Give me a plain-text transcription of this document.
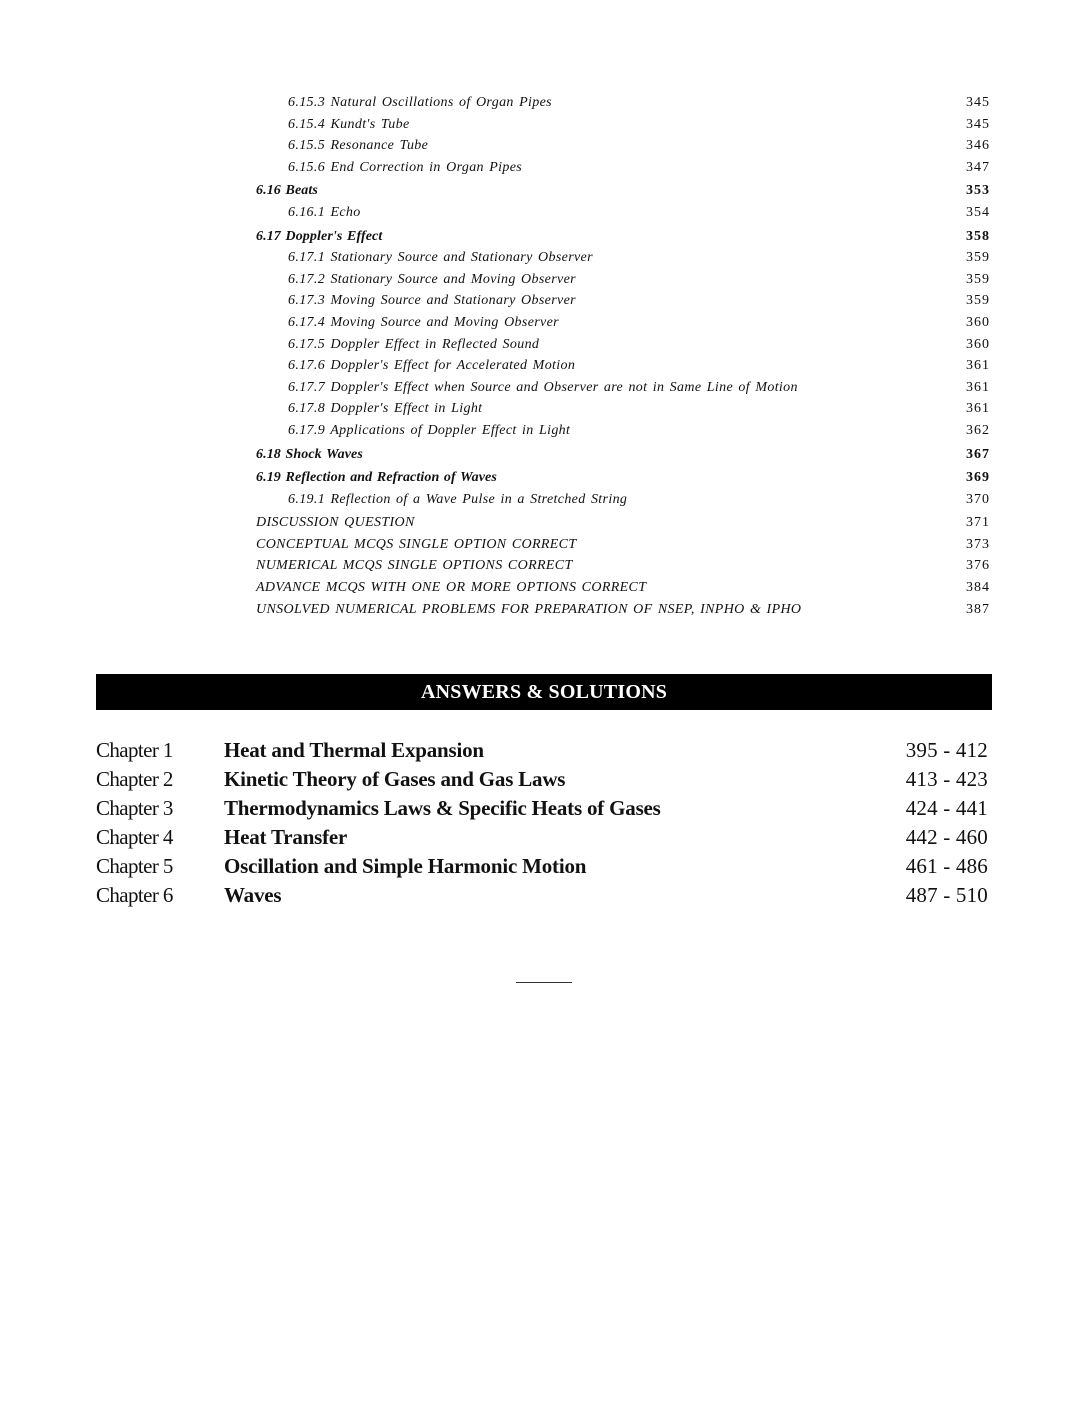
6.15.3 Natural Oscillations of Organ Pipes	345
6.15.4 Kundt's Tube	345
6.15.5 Resonance Tube	346
6.15.6 End Correction in Organ Pipes	347
6.16 Beats	353
6.16.1 Echo	354
6.17 Doppler's Effect	358
6.17.1 Stationary Source and Stationary Observer	359
6.17.2 Stationary Source and Moving Observer	359
6.17.3 Moving Source and Stationary Observer	359
6.17.4 Moving Source and Moving Observer	360
6.17.5 Doppler Effect in Reflected Sound	360
6.17.6 Doppler's Effect for Accelerated Motion	361
6.17.7 Doppler's Effect when Source and Observer are not in Same Line of Motion	361
6.17.8 Doppler's Effect in Light	361
6.17.9 Applications of Doppler Effect in Light	362
6.18 Shock Waves	367
6.19 Reflection and Refraction of Waves	369
6.19.1 Reflection of a Wave Pulse in a Stretched String	370
DISCUSSION QUESTION	371
CONCEPTUAL MCQS SINGLE OPTION CORRECT	373
NUMERICAL MCQS SINGLE OPTIONS CORRECT	376
ADVANCE MCQS WITH ONE OR MORE OPTIONS CORRECT	384
UNSOLVED NUMERICAL PROBLEMS FOR PREPARATION OF NSEP, INPHO & IPHO	387
ANSWERS & SOLUTIONS
Chapter 1	Heat and Thermal Expansion	395 - 412
Chapter 2	Kinetic Theory of Gases and Gas Laws	413 - 423
Chapter 3	Thermodynamics Laws & Specific Heats of Gases	424 - 441
Chapter 4	Heat Transfer	442 - 460
Chapter 5	Oscillation and Simple Harmonic Motion	461 - 486
Chapter 6	Waves	487 - 510
